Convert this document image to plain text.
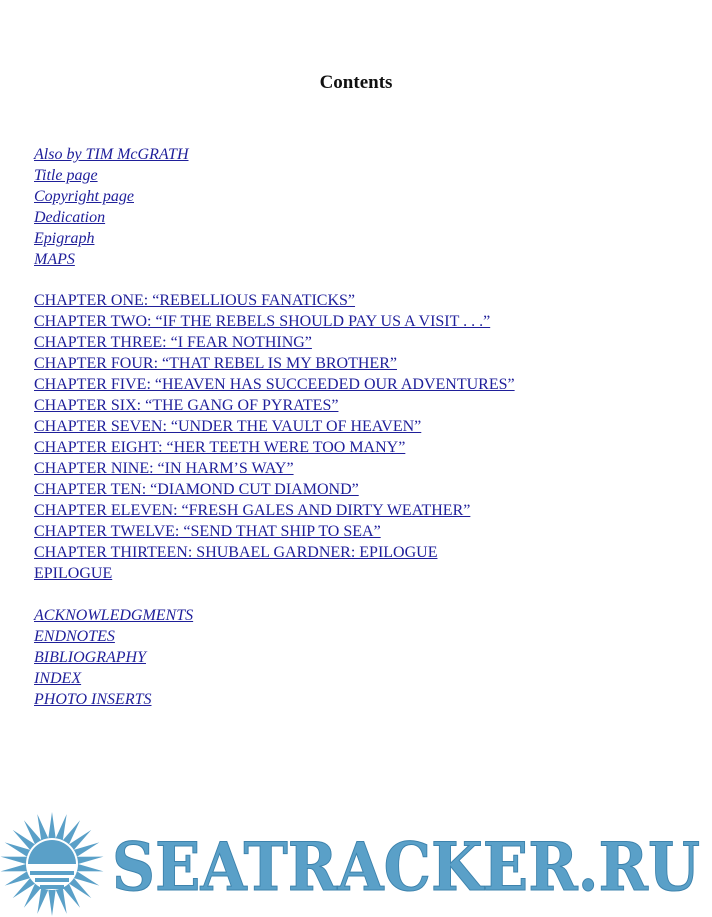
Contents
Also by TIM McGRATH
Title page
Copyright page
Dedication
Epigraph
MAPS
CHAPTER ONE: “REBELLIOUS FANATICKS”
CHAPTER TWO: “IF THE REBELS SHOULD PAY US A VISIT . . .”
CHAPTER THREE: “I FEAR NOTHING”
CHAPTER FOUR: “THAT REBEL IS MY BROTHER”
CHAPTER FIVE: “HEAVEN HAS SUCCEEDED OUR ADVENTURES”
CHAPTER SIX: “THE GANG OF PYRATES”
CHAPTER SEVEN: “UNDER THE VAULT OF HEAVEN”
CHAPTER EIGHT: “HER TEETH WERE TOO MANY”
CHAPTER NINE: “IN HARM’S WAY”
CHAPTER TEN: “DIAMOND CUT DIAMOND”
CHAPTER ELEVEN: “FRESH GALES AND DIRTY WEATHER”
CHAPTER TWELVE: “SEND THAT SHIP TO SEA”
CHAPTER THIRTEEN: SHUBAEL GARDNER: EPILOGUE
EPILOGUE
ACKNOWLEDGMENTS
ENDNOTES
BIBLIOGRAPHY
INDEX
PHOTO INSERTS
SEATRACKER.RU
